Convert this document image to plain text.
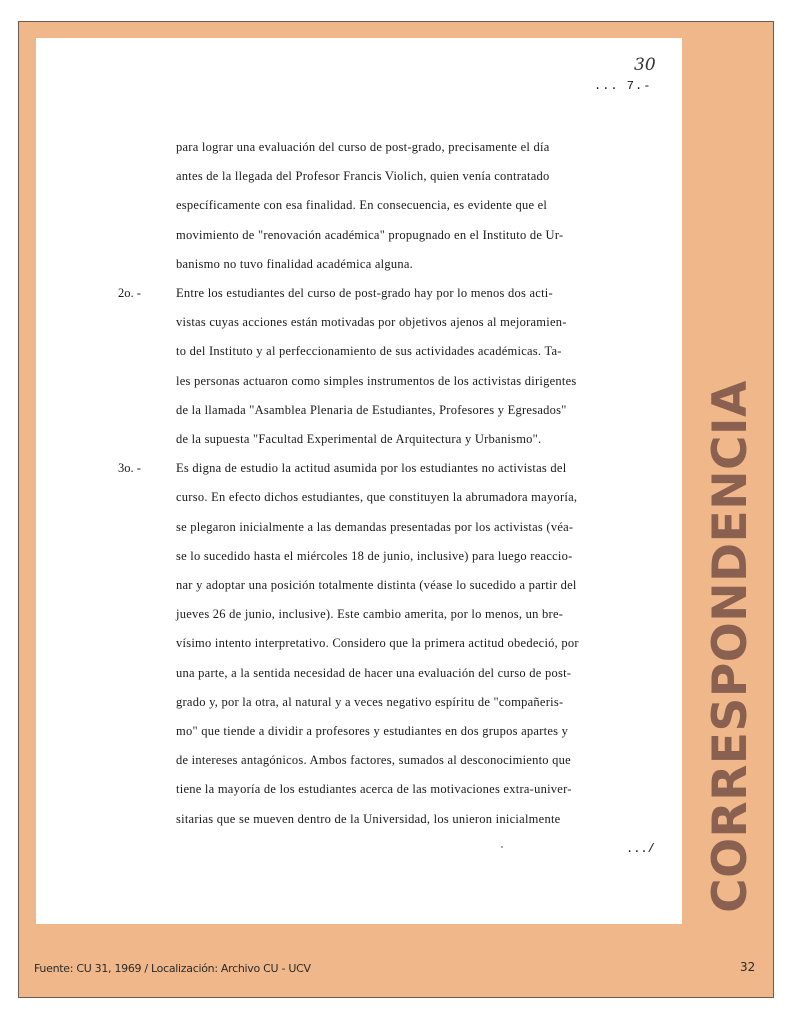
30
... 7.-
para lograr una evaluación del curso de post-grado, precisamente el día
antes de la llegada del Profesor Francis Violich, quien venía contratado
específicamente con esa finalidad. En consecuencia, es evidente que el
movimiento de "renovación académica" propugnado en el Instituto de Ur-
banismo no tuvo finalidad académica alguna.
2o. -	Entre los estudiantes del curso de post-grado hay por lo menos dos acti-
vistas cuyas acciones están motivadas por objetivos ajenos al mejoramien-
to del Instituto y al perfeccionamiento de sus actividades académicas. Ta-
les personas actuaron como simples instrumentos de los activistas dirigentes
de la llamada "Asamblea Plenaria de Estudiantes, Profesores y Egresados"
de la supuesta "Facultad Experimental de Arquitectura y Urbanismo".
3o. -	Es digna de estudio la actitud asumida por los estudiantes no activistas del
curso. En efecto dichos estudiantes, que constituyen la abrumadora mayoría,
se plegaron inicialmente a las demandas presentadas por los activistas (véa-
se lo sucedido hasta el miércoles 18 de junio, inclusive) para luego reaccio-
nar y adoptar una posición totalmente distinta (véase lo sucedido a partir del
jueves 26 de junio, inclusive). Este cambio amerita, por lo menos, un bre-
vísimo intento interpretativo. Considero que la primera actitud obedeció, por
una parte, a la sentida necesidad de hacer una evaluación del curso de post-
grado y, por la otra, al natural y a veces negativo espíritu de "compañeris-
mo" que tiende a dividir a profesores y estudiantes en dos grupos apartes y
de intereses antagónicos. Ambos factores, sumados al desconocimiento que
tiene la mayoría de los estudiantes acerca de las motivaciones extra-univer-
sitarias que se mueven dentro de la Universidad, los unieron inicialmente
.../ CORRESPONDENCIA
Fuente: CU 31, 1969 / Localización: Archivo CU - UCV	32
